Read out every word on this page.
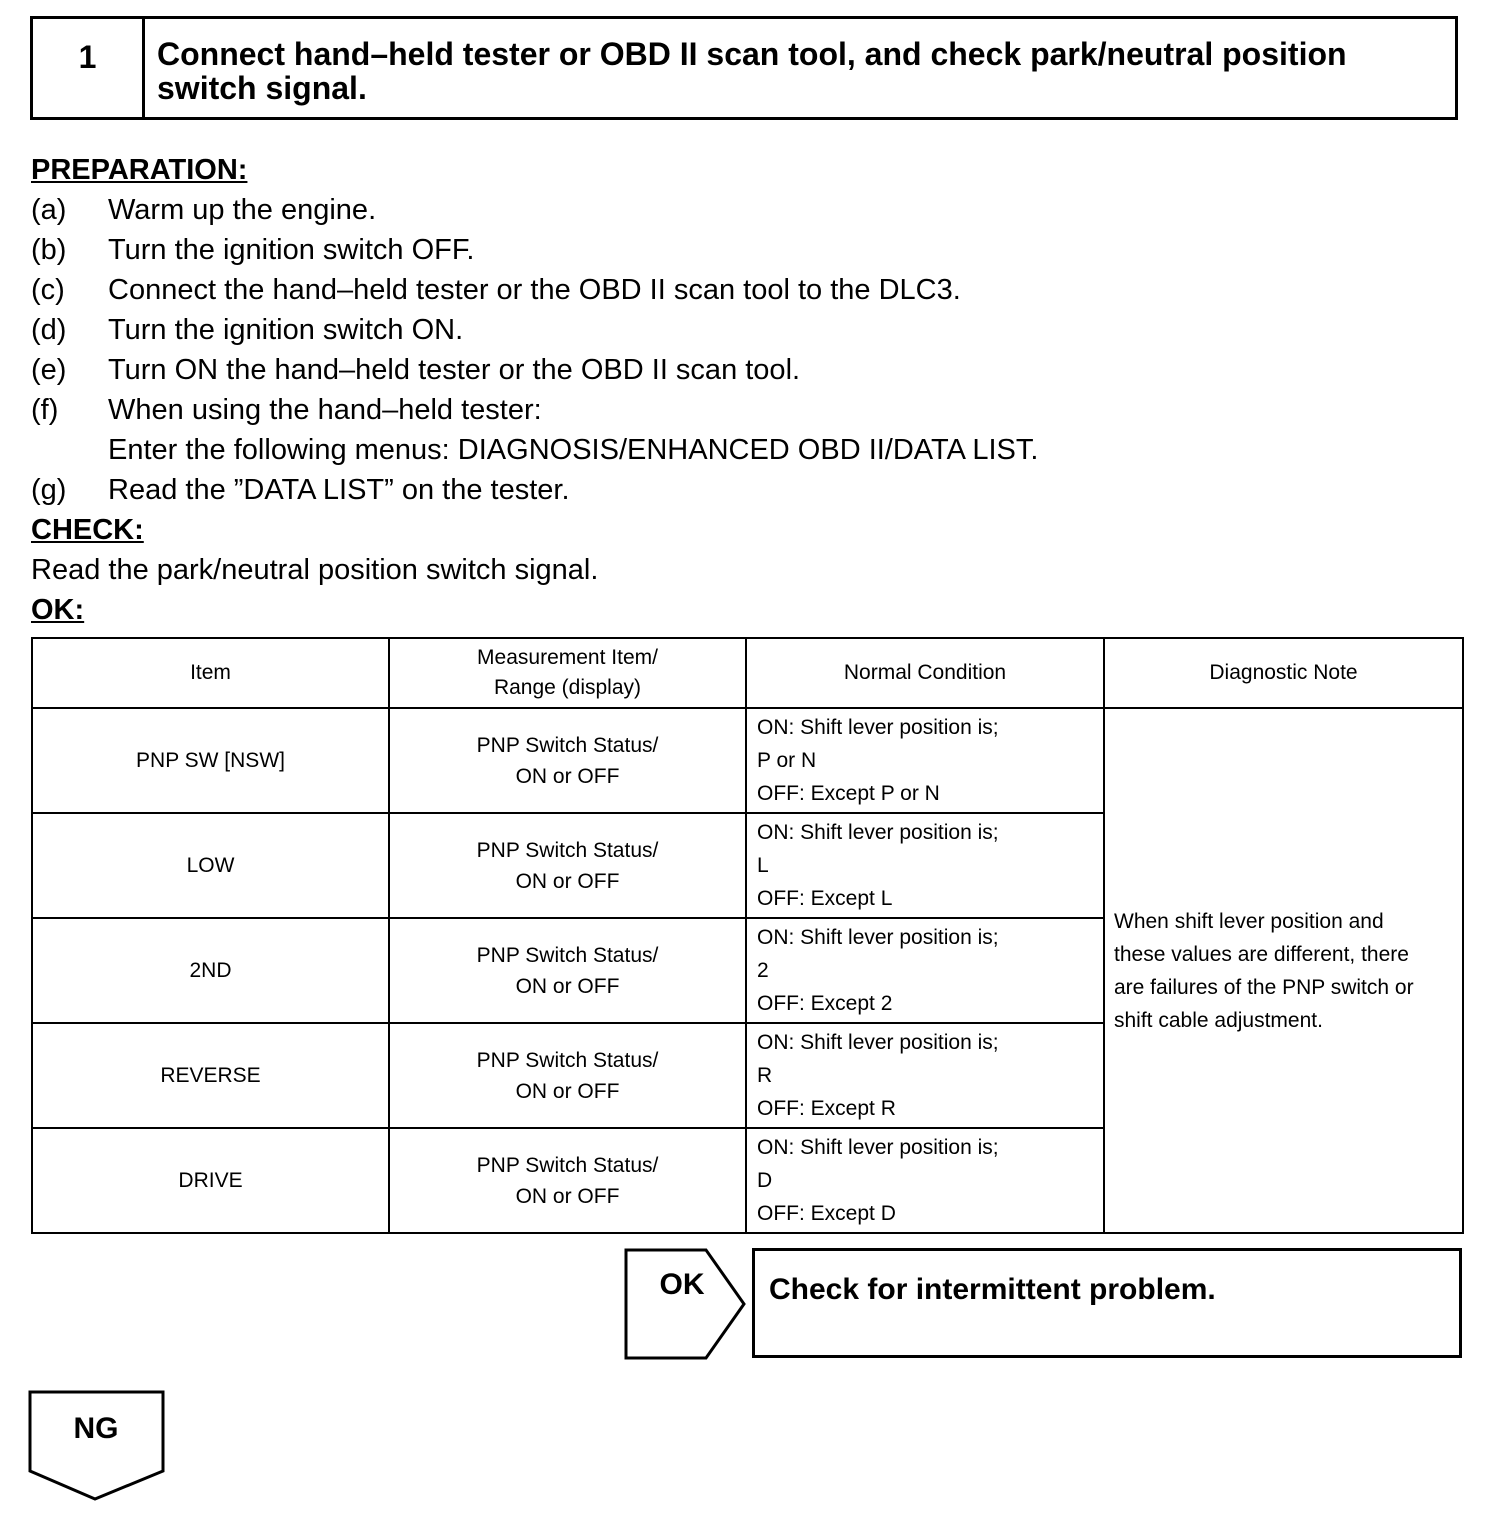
1	Connect hand–held tester or OBD II scan tool, and check park/neutral position
switch signal.
PREPARATION:
(a) Warm up the engine.
(b) Turn the ignition switch OFF.
(c) Connect the hand–held tester or the OBD II scan tool to the DLC3.
(d) Turn the ignition switch ON.
(e) Turn ON the hand–held tester or the OBD II scan tool.
(f) When using the hand–held tester:
Enter the following menus: DIAGNOSIS/ENHANCED OBD II/DATA LIST.
(g) Read the ”DATA LIST” on the tester.
CHECK:
Read the park/neutral position switch signal.
OK:
Item	Measurement Item/
Range (display)	Normal Condition	Diagnostic Note
PNP SW [NSW]	PNP Switch Status/
ON or OFF	ON: Shift lever position is;
P or N
OFF: Except P or N	When shift lever position and
these values are different, there
are failures of the PNP switch or
shift cable adjustment.

LOW	PNP Switch Status/
ON or OFF	ON: Shift lever position is;
L
OFF: Except L	

2ND	PNP Switch Status/
ON or OFF	ON: Shift lever position is;
2
OFF: Except 2	

REVERSE	PNP Switch Status/
ON or OFF	ON: Shift lever position is;
R
OFF: Except R	

DRIVE	PNP Switch Status/
ON or OFF	ON: Shift lever position is;
D
OFF: Except D	
OK	Check for intermittent problem.
NG
